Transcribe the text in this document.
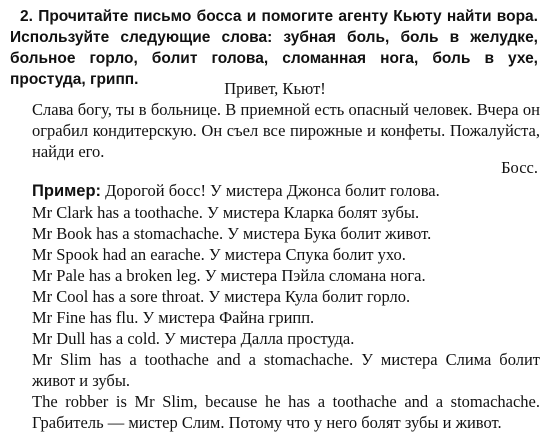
2. Прочитайте письмо босса и помогите агенту Кьюту найти вора. Используйте следующие слова: зубная боль, боль в желудке, больное горло, болит голова, сломанная нога, боль в ухе, простуда, грипп.	Привет, Кьют!
Слава богу, ты в больнице. В приемной есть опасный человек. Вчера он ограбил кондитерскую. Он съел все пирожные и конфеты. Пожалуйста, найди его.
Босс.
Пример: Дорогой босс! У мистера Джонса болит голова.
Mr Clark has a toothache. У мистера Кларка болят зубы.
Mr Book has a stomachache. У мистера Бука болит живот.
Mr Spook had an earache. У мистера Спука болит ухо.
Mr Pale has a broken leg. У мистера Пэйла сломана нога.
Mr Cool has a sore throat. У мистера Кула болит горло.
Mr Fine has flu. У мистера Файна грипп.
Mr Dull has a cold. У мистера Далла простуда.
Mr Slim has a toothache and a stomachache. У мистера Слима болит живот и зубы.
The robber is Mr Slim, because he has a toothache and a stomachache. Грабитель — мистер Слим. Потому что у него болят зубы и живот.
